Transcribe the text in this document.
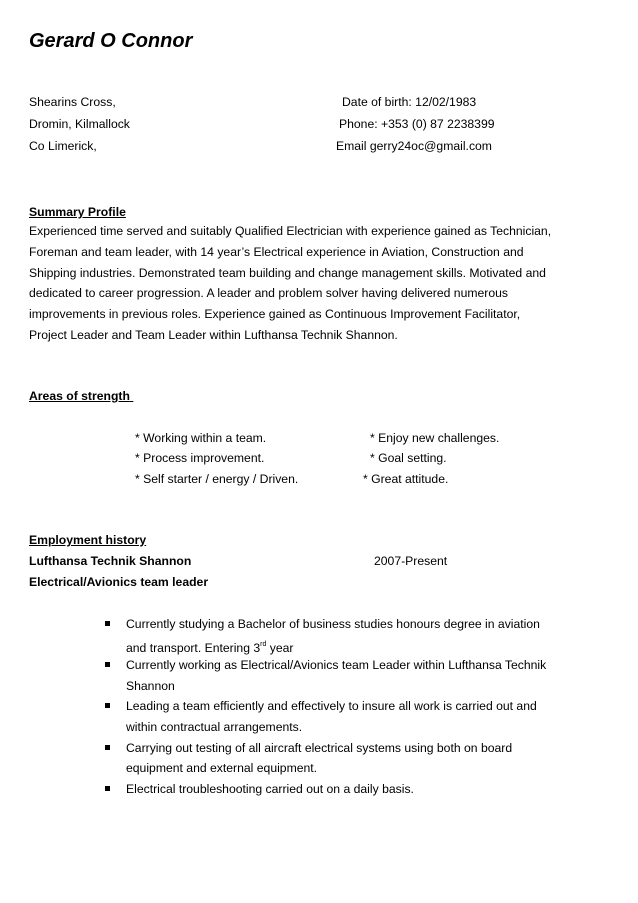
Gerard O Connor
Shearins Cross,
Dromin, Kilmallock
Co Limerick,
Date of birth: 12/02/1983
Phone: +353 (0) 87 2238399
Email gerry24oc@gmail.com
Summary Profile
Experienced time served and suitably Qualified Electrician with experience gained as Technician,
Foreman and team leader, with 14 year’s Electrical experience in Aviation, Construction and
Shipping industries. Demonstrated team building and change management skills. Motivated and
dedicated to career progression. A leader and problem solver having delivered numerous
improvements in previous roles. Experience gained as Continuous Improvement Facilitator,
Project Leader and Team Leader within Lufthansa Technik Shannon.
Areas of strength
* Working within a team.
* Process improvement.
* Self starter / energy / Driven.
* Enjoy new challenges.
* Goal setting.
* Great attitude.
Employment history
Lufthansa Technik Shannon	2007-Present
Electrical/Avionics team leader
Currently studying a Bachelor of business studies honours degree in aviation
and transport. Entering 3rd year
Currently working as Electrical/Avionics team Leader within Lufthansa Technik
Shannon
Leading a team efficiently and effectively to insure all work is carried out and
within contractual arrangements.
Carrying out testing of all aircraft electrical systems using both on board
equipment and external equipment.
Electrical troubleshooting carried out on a daily basis.
